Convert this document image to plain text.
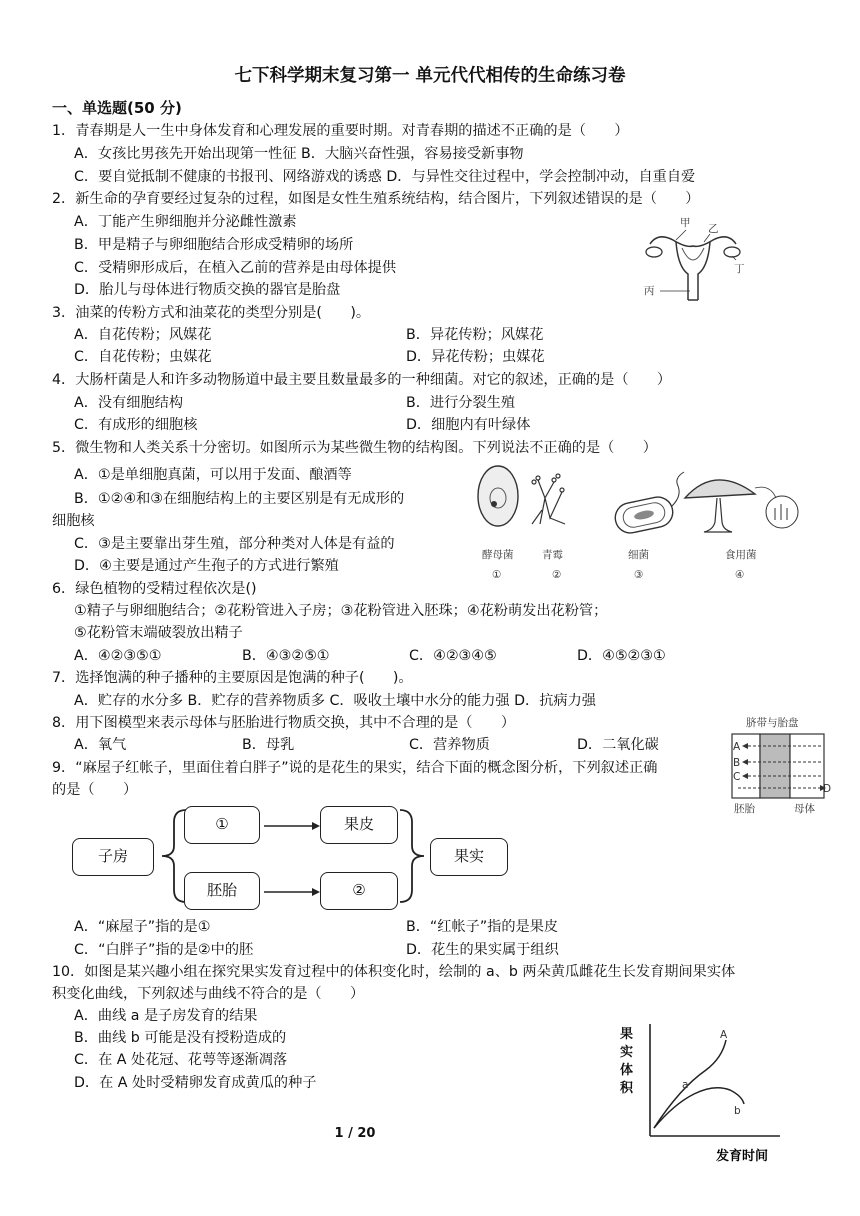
七下科学期末复习第一 单元代代相传的生命练习卷
一、单选题(50 分)
1．青春期是人一生中身体发育和心理发展的重要时期。对青春期的描述不正确的是（　　）
A．女孩比男孩先开始出现第一性征 B．大脑兴奋性强，容易接受新事物
C．要自觉抵制不健康的书报刊、网络游戏的诱惑 D．与异性交往过程中，学会控制冲动，自重自爱
2．新生命的孕育要经过复杂的过程，如图是女性生殖系统结构，结合图片，下列叙述错误的是（　　）
A．丁能产生卵细胞并分泌雌性激素
B．甲是精子与卵细胞结合形成受精卵的场所
C．受精卵形成后，在植入乙前的营养是由母体提供
D．胎儿与母体进行物质交换的器官是胎盘
甲 乙
丁
丙
3．油菜的传粉方式和油菜花的类型分别是(　　)。
A．自花传粉；风媒花	B．异花传粉；风媒花
C．自花传粉；虫媒花	D．异花传粉；虫媒花
4．大肠杆菌是人和许多动物肠道中最主要且数量最多的一种细菌。对它的叙述，正确的是（　　）
A．没有细胞结构	B．进行分裂生殖
C．有成形的细胞核	D．细胞内有叶绿体
5．微生物和人类关系十分密切。如图所示为某些微生物的结构图。下列说法不正确的是（　　）
A．①是单细胞真菌，可以用于发面、酿酒等
B．①②④和③在细胞结构上的主要区别是有无成形的
细胞核
C．③是主要靠出芽生殖，部分种类对人体是有益的
D．④主要是通过产生孢子的方式进行繁殖
酵母菌	青霉	细菌	食用菌
①	②	③	④
6．绿色植物的受精过程依次是()
①精子与卵细胞结合；②花粉管进入子房；③花粉管进入胚珠；④花粉萌发出花粉管；
⑤花粉管末端破裂放出精子
A．④②③⑤①	B．④③②⑤①	C．④②③④⑤	D．④⑤②③①
7．选择饱满的种子播种的主要原因是饱满的种子(　　)。
A．贮存的水分多 B．贮存的营养物质多 C．吸收土壤中水分的能力强 D．抗病力强
8．用下图模型来表示母体与胚胎进行物质交换，其中不合理的是（　　）
A．氧气	B．母乳	C．营养物质	D．二氧化碳
脐带与胎盘
A
B
C
D
胚胎	母体
9．“麻屋子红帐子，里面住着白胖子”说的是花生的果实，结合下面的概念图分析，下列叙述正确
的是（　　）
子房
①
胚胎
果皮
②
果实
A．“麻屋子”指的是①	B．“红帐子”指的是果皮
C．“白胖子”指的是②中的胚	D．花生的果实属于组织
10．如图是某兴趣小组在探究果实发育过程中的体积变化时，绘制的 a、b 两朵黄瓜雌花生长发育期间果实体
积变化曲线，下列叙述与曲线不符合的是（　　）
A．曲线 a 是子房发育的结果
B．曲线 b 可能是没有授粉造成的
C．在 A 处花冠、花萼等逐渐凋落
D．在 A 处时受精卵发育成黄瓜的种子
A
a
b
发育时间
果实体积
1 / 20
